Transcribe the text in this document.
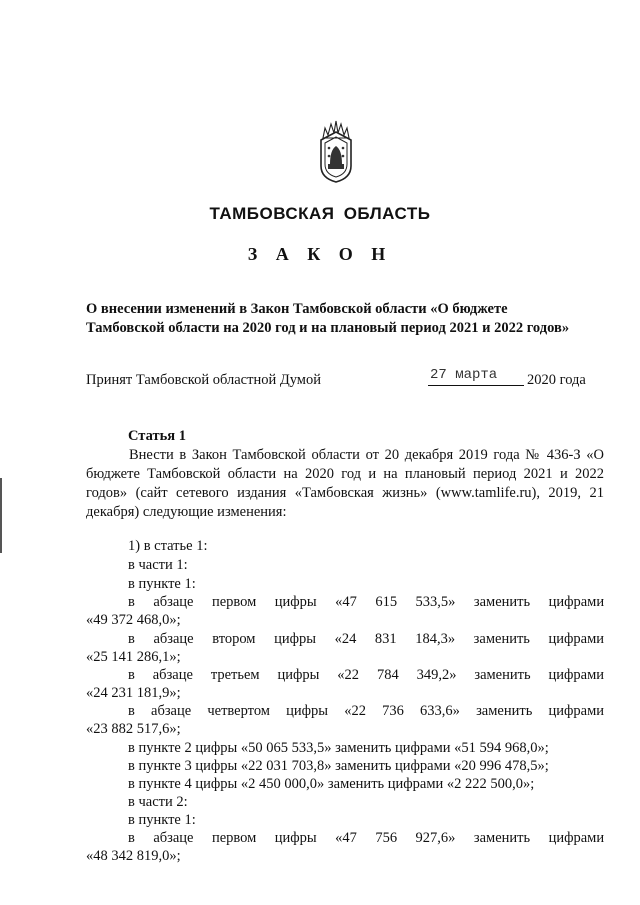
ТАМБОВСКАЯ ОБЛАСТЬ
З А К О Н
О внесении изменений в Закон Тамбовской области «О бюджете
Тамбовской области на 2020 год и на плановый период 2021 и 2022 годов»
Принят Тамбовской областной Думой	27 марта	2020 года
Статья 1
Внести в Закон Тамбовской области от 20 декабря 2019 года № 436-З «О бюджете Тамбовской области на 2020 год и на плановый период 2021 и 2022 годов» (сайт сетевого издания «Тамбовская жизнь» (www.tamlife.ru), 2019, 21 декабря) следующие изменения:
1) в статье 1:
в части 1:
в пункте 1:
в абзаце первом цифры «47 615 533,5» заменить цифрами
«49 372 468,0»;
в абзаце втором цифры «24 831 184,3» заменить цифрами
«25 141 286,1»;
в абзаце третьем цифры «22 784 349,2» заменить цифрами
«24 231 181,9»;
в абзаце четвертом цифры «22 736 633,6» заменить цифрами
«23 882 517,6»;
в пункте 2 цифры «50 065 533,5» заменить цифрами «51 594 968,0»;
в пункте 3 цифры «22 031 703,8» заменить цифрами «20 996 478,5»;
в пункте 4 цифры «2 450 000,0» заменить цифрами «2 222 500,0»;
в части 2:
в пункте 1:
в абзаце первом цифры «47 756 927,6» заменить цифрами
«48 342 819,0»;
